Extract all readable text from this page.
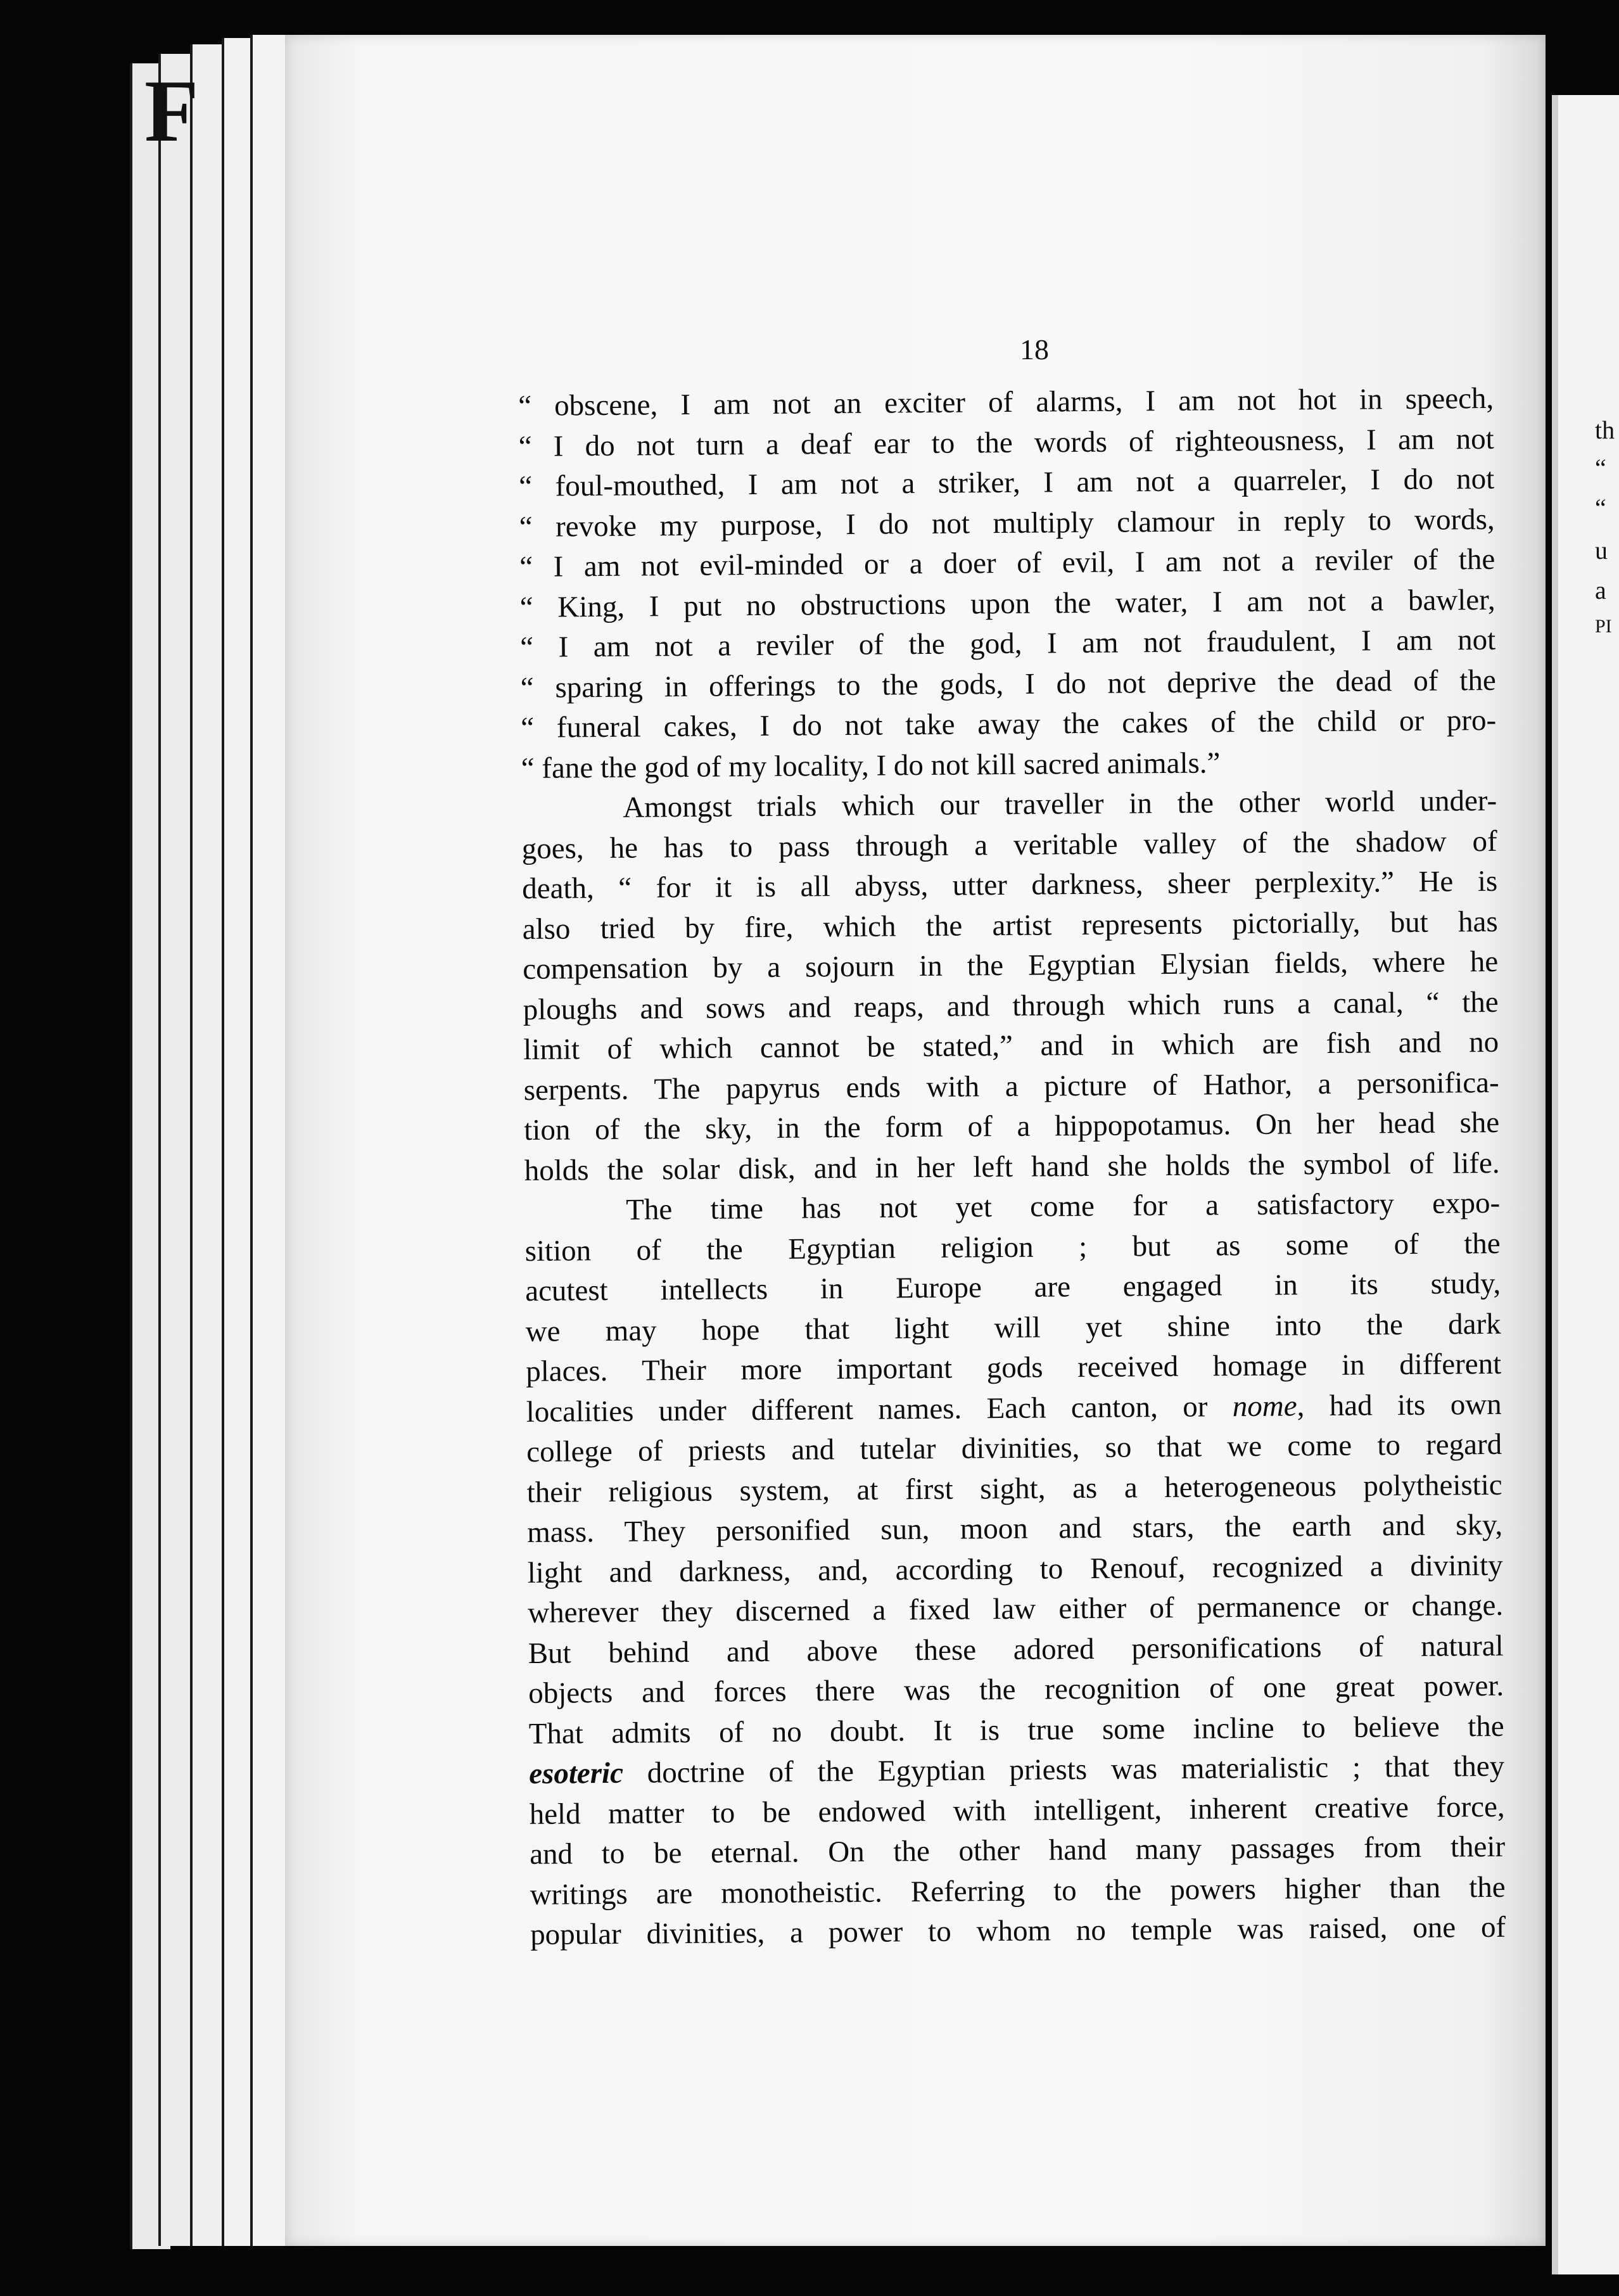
F
th
“
“
u
a
PI
18
“ obscene, I am not an exciter of alarms, I am not hot in speech,
“ I do not turn a deaf ear to the words of righteousness, I am not
“ foul-mouthed, I am not a striker, I am not a quarreler, I do not
“ revoke my purpose, I do not multiply clamour in reply to words,
“ I am not evil-minded or a doer of evil, I am not a reviler of the
“ King, I put no obstructions upon the water, I am not a bawler,
“ I am not a reviler of the god, I am not fraudulent, I am not
“ sparing in offerings to the gods, I do not deprive the dead of the
“ funeral cakes, I do not take away the cakes of the child or pro-
“ fane the god of my locality, I do not kill sacred animals.”
Amongst trials which our traveller in the other world under-
goes, he has to pass through a veritable valley of the shadow of
death, “ for it is all abyss, utter darkness, sheer perplexity.” He is
also tried by fire, which the artist represents pictorially, but has
compensation by a sojourn in the Egyptian Elysian fields, where he
ploughs and sows and reaps, and through which runs a canal, “ the
limit of which cannot be stated,” and in which are fish and no
serpents. The papyrus ends with a picture of Hathor, a personifica-
tion of the sky, in the form of a hippopotamus. On her head she
holds the solar disk, and in her left hand she holds the symbol of life.
The time has not yet come for a satisfactory expo-
sition of the Egyptian religion ; but as some of the
acutest intellects in Europe are engaged in its study,
we may hope that light will yet shine into the dark
places. Their more important gods received homage in different
localities under different names. Each canton, or nome, had its own
college of priests and tutelar divinities, so that we come to regard
their religious system, at first sight, as a heterogeneous polytheistic
mass. They personified sun, moon and stars, the earth and sky,
light and darkness, and, according to Renouf, recognized a divinity
wherever they discerned a fixed law either of permanence or change.
But behind and above these adored personifications of natural
objects and forces there was the recognition of one great power.
That admits of no doubt. It is true some incline to believe the
esoteric doctrine of the Egyptian priests was materialistic ; that they
held matter to be endowed with intelligent, inherent creative force,
and to be eternal. On the other hand many passages from their
writings are monotheistic. Referring to the powers higher than the
popular divinities, a power to whom no temple was raised, one of
